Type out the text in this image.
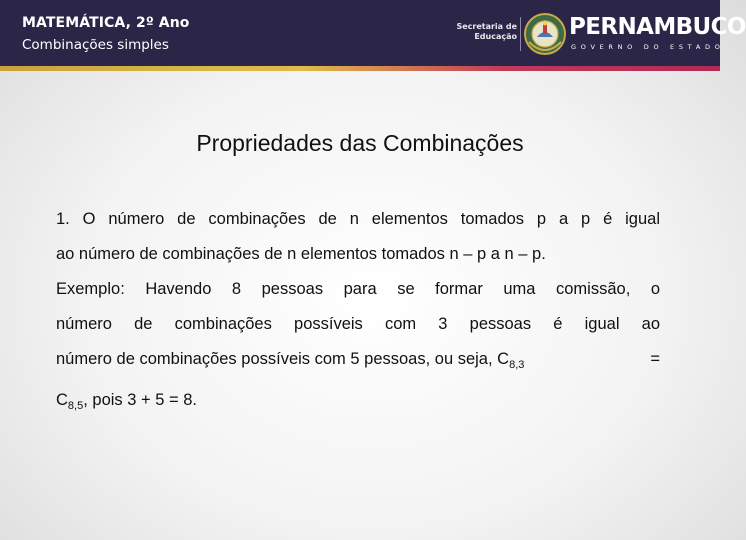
MATEMÁTICA, 2º Ano
Combinações simples
Secretaria de
Educação PERNAMBUCO
GOVERNO DO ESTADO
Propriedades das Combinações
1. O número de combinações de n elementos tomados p a p é igual
ao número de combinações de n elementos tomados n – p a n – p.
Exemplo: Havendo 8 pessoas para se formar uma comissão, o
número de combinações possíveis com 3 pessoas é igual ao
número de combinações possíveis com 5 pessoas, ou seja, $C_{8,3}$	=
$C_{8,5}$, pois 3 + 5 = 8.
